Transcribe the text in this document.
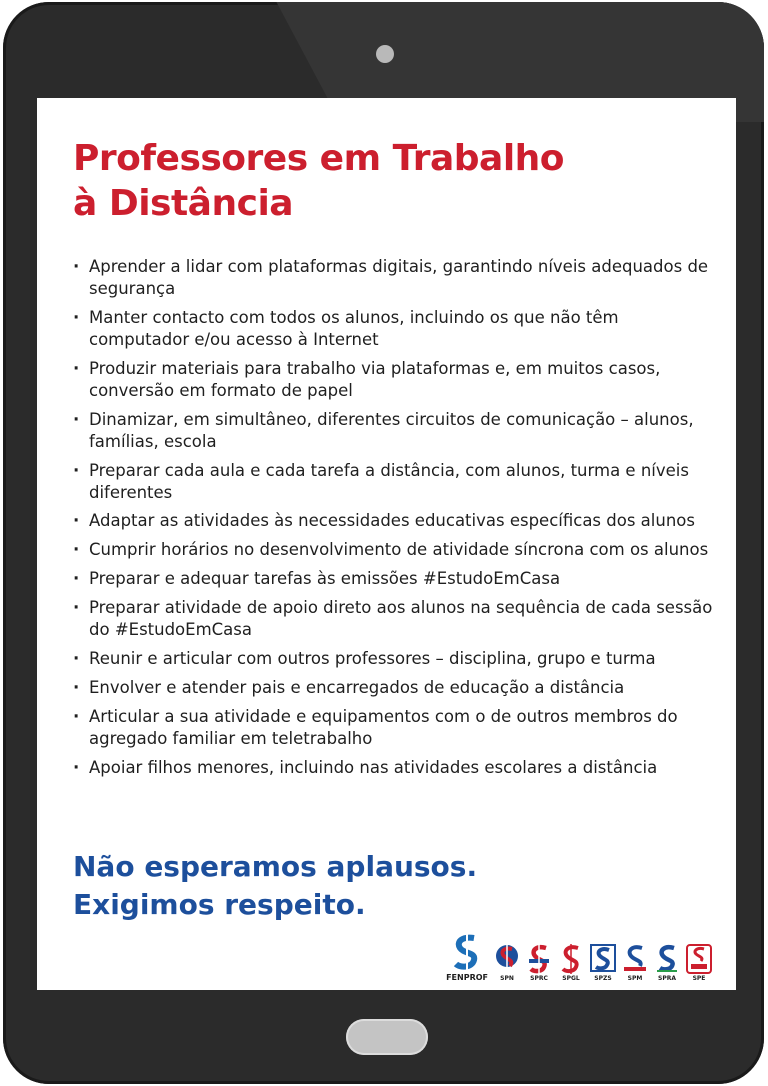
Professores em Trabalho
à Distância
· Aprender a lidar com plataformas digitais, garantindo níveis adequados de segurança
· Manter contacto com todos os alunos, incluindo os que não têm computador e/ou acesso à Internet
· Produzir materiais para trabalho via plataformas e, em muitos casos, conversão em formato de papel
· Dinamizar, em simultâneo, diferentes circuitos de comunicação – alunos, famílias, escola
· Preparar cada aula e cada tarefa a distância, com alunos, turma e níveis diferentes
· Adaptar as atividades às necessidades educativas específicas dos alunos
· Cumprir horários no desenvolvimento de atividade síncrona com os alunos
· Preparar e adequar tarefas às emissões #EstudoEmCasa
· Preparar atividade de apoio direto aos alunos na sequência de cada sessão do #EstudoEmCasa
· Reunir e articular com outros professores – disciplina, grupo e turma
· Envolver e atender pais e encarregados de educação a distância
· Articular a sua atividade e equipamentos com o de outros membros do agregado familiar em teletrabalho
· Apoiar filhos menores, incluindo nas atividades escolares a distância
Não esperamos aplausos.
Exigimos respeito.
FENPROF SPN	SPRC SPGL SPZS	SPM	SPRA	SPE
